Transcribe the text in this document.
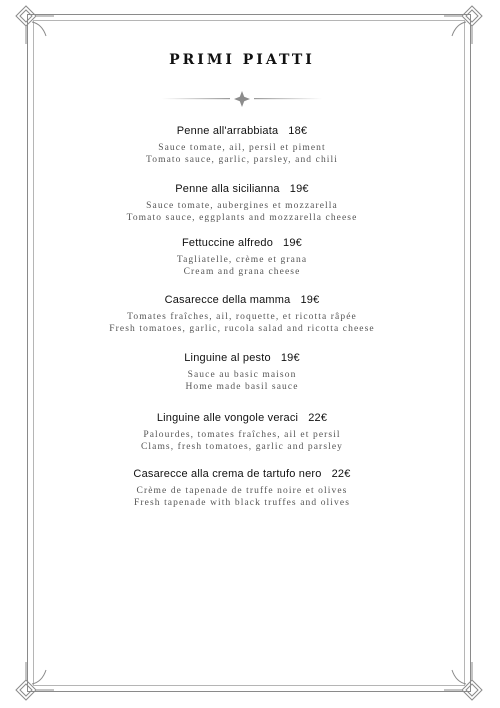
PRIMI PIATTI
Penne all'arrabbiata 18€
Sauce tomate, ail, persil et piment
Tomato sauce, garlic, parsley, and chili
Penne alla sicilianna 19€
Sauce tomate, aubergines et mozzarella
Tomato sauce, eggplants and mozzarella cheese
Fettuccine alfredo 19€
Tagliatelle, crème et grana
Cream and grana cheese
Casarecce della mamma 19€
Tomates fraîches, ail, roquette, et ricotta râpée
Fresh tomatoes, garlic, rucola salad and ricotta cheese
Linguine al pesto 19€
Sauce au basic maison
Home made basil sauce
Linguine alle vongole veraci 22€
Palourdes, tomates fraîches, ail et persil
Clams, fresh tomatoes, garlic and parsley
Casarecce alla crema de tartufo nero 22€
Crème de tapenade de truffe noire et olives
Fresh tapenade with black truffes and olives
